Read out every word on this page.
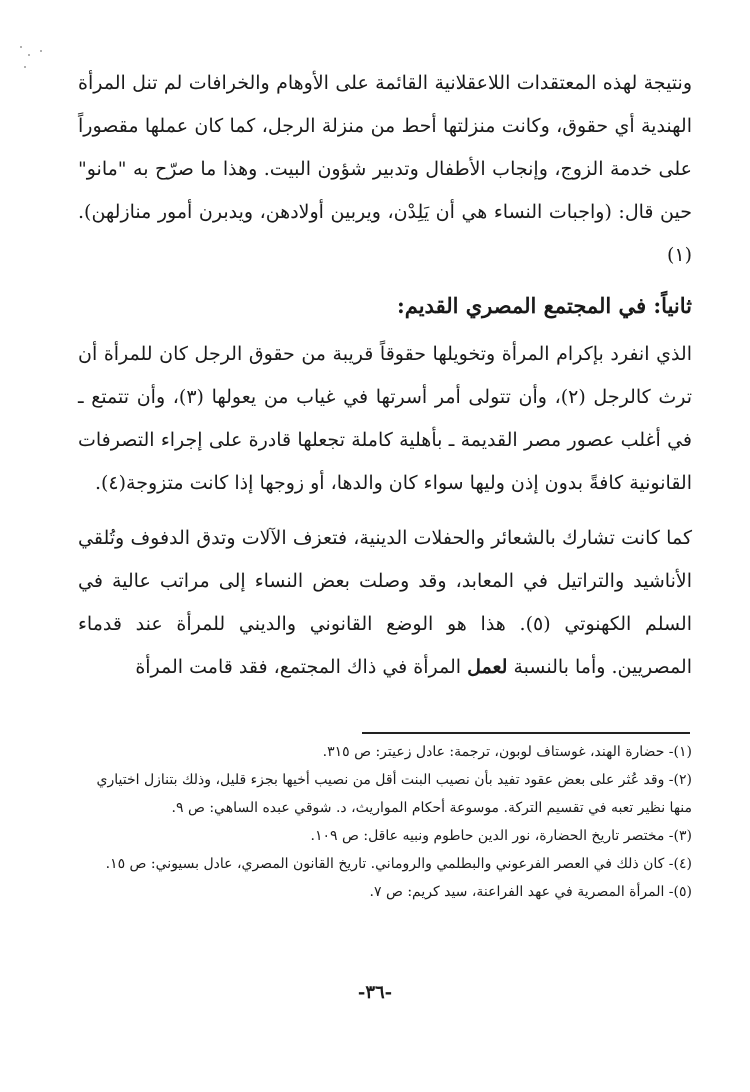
ونتيجة لهذه المعتقدات اللاعقلانية القائمة على الأوهام والخرافات لم تنل المرأة الهندية أي حقوق، وكانت منزلتها أحط من منزلة الرجل، كما كان عملها مقصوراً على خدمة الزوج، وإنجاب الأطفال وتدبير شؤون البيت. وهذا ما صرّح به "مانو" حين قال: (واجبات النساء هي أن يَلِدْن، ويربين أولادهن، ويدبرن أمور منازلهن). (١)

ثانياً: في المجتمع المصري القديم:

الذي انفرد بإكرام المرأة وتخويلها حقوقاً قريبة من حقوق الرجل كان للمرأة أن ترث كالرجل (٢)، وأن تتولى أمر أسرتها في غياب من يعولها (٣)، وأن تتمتع ـ في أغلب عصور مصر القديمة ـ بأهلية كاملة تجعلها قادرة على إجراء التصرفات القانونية كافةً بدون إذن وليها سواء كان والدها، أو زوجها إذا كانت متزوجة(٤).

كما كانت تشارك بالشعائر والحفلات الدينية، فتعزف الآلات وتدق الدفوف وتُلقي الأناشيد والتراتيل في المعابد، وقد وصلت بعض النساء إلى مراتب عالية في السلم الكهنوتي (٥). هذا هو الوضع القانوني والديني للمرأة عند قدماء المصريين. وأما بالنسبة لعمل المرأة في ذاك المجتمع، فقد قامت المرأة

(١)- حضارة الهند، غوستاف لوبون، ترجمة: عادل زعيتر: ص ٣١٥.

(٢)- وقد عُثر على بعض عقود تفيد بأن نصيب البنت أقل من نصيب أخيها بجزء قليل، وذلك بتنازل اختياري منها نظير تعبه في تقسيم التركة. موسوعة أحكام المواريث، د. شوقي عبده الساهي: ص ٩.

(٣)- مختصر تاريخ الحضارة، نور الدين حاطوم ونبيه عاقل: ص ١٠٩.

(٤)- كان ذلك في العصر الفرعوني والبطلمي والروماني. تاريخ القانون المصري، عادل بسيوني: ص ١٥.

(٥)- المرأة المصرية في عهد الفراعنة، سيد كريم: ص ٧.

-٣٦-
